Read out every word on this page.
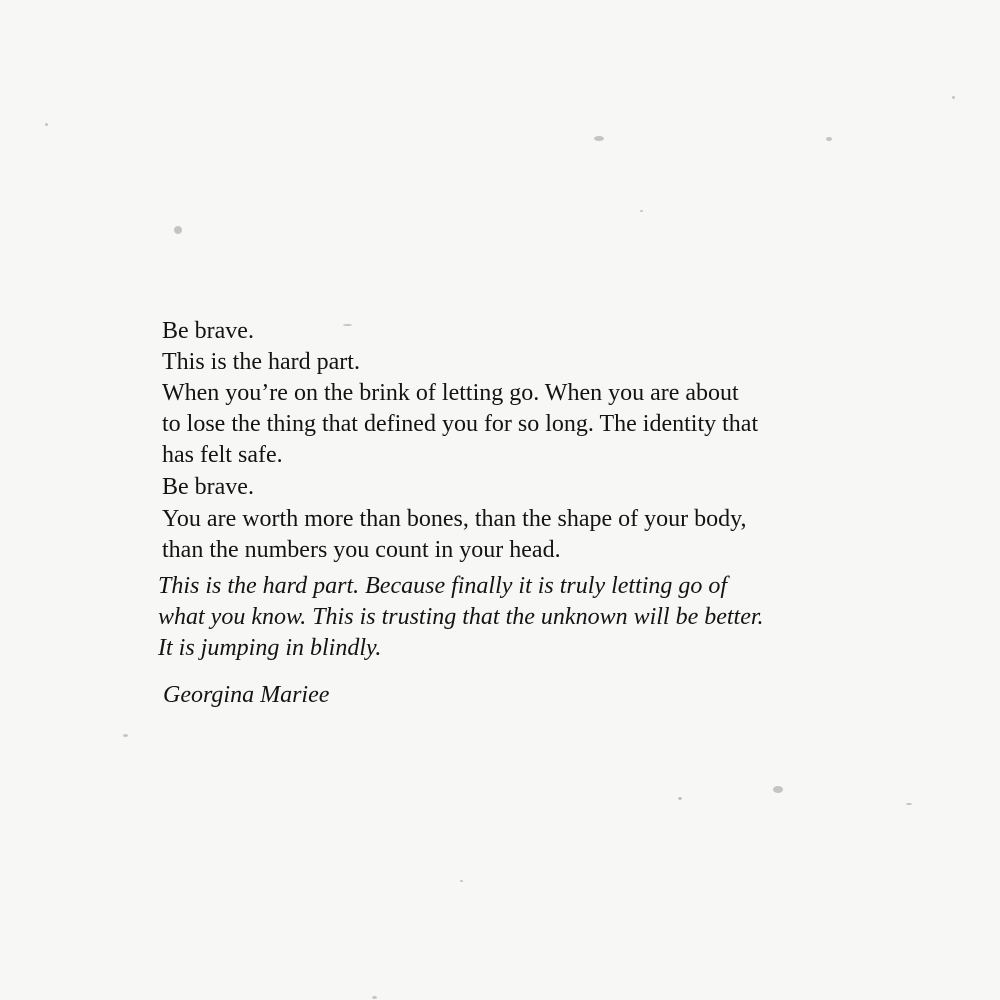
Be brave.
This is the hard part.
When you’re on the brink of letting go. When you are about
to lose the thing that defined you for so long. The identity that
has felt safe.
Be brave.
You are worth more than bones, than the shape of your body,
than the numbers you count in your head.
This is the hard part. Because finally it is truly letting go of
what you know. This is trusting that the unknown will be better.
It is jumping in blindly.
Georgina Mariee
